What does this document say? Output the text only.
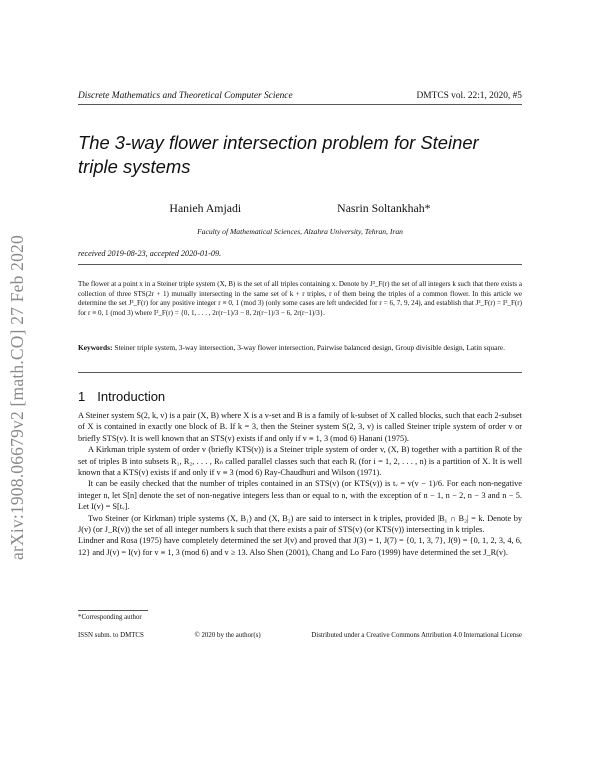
arXiv:1908.06679v2 [math.CO] 27 Feb 2020
Discrete Mathematics and Theoretical Computer Science	DMTCS vol. 22:1, 2020, #5
The 3-way flower intersection problem for Steiner triple systems
Hanieh Amjadi	Nasrin Soltankhah*
Faculty of Mathematical Sciences, Alzahra University, Tehran, Iran
received 2019-08-23, accepted 2020-01-09.
The flower at a point x in a Steiner triple system (X, B) is the set of all triples containing x. Denote by J³_F(r) the set of all integers k such that there exists a collection of three STS(2r + 1) mutually intersecting in the same set of k + r triples, r of them being the triples of a common flower. In this article we determine the set J³_F(r) for any positive integer r ≡ 0, 1 (mod 3) (only some cases are left undecided for r = 6, 7, 9, 24), and establish that J³_F(r) = I³_F(r) for r ≡ 0, 1 (mod 3) where I³_F(r) = {0, 1, . . . , 2r(r−1)/3 − 8, 2r(r−1)/3 − 6, 2r(r−1)/3}.
Keywords: Steiner triple system, 3-way intersection, 3-way flower intersection, Pairwise balanced design, Group divisible design, Latin square.
1 Introduction

A Steiner system S(2, k, v) is a pair (X, B) where X is a v-set and B is a family of k-subset of X called blocks, such that each 2-subset of X is contained in exactly one block of B. If k = 3, then the Steiner system S(2, 3, v) is called Steiner triple system of order v or briefly STS(v). It is well known that an STS(v) exists if and only if v ≡ 1, 3 (mod 6) Hanani (1975).

A Kirkman triple system of order v (briefly KTS(v)) is a Steiner triple system of order v, (X, B) together with a partition R of the set of triples B into subsets R₁, R₂, . . . , Rₙ called parallel classes such that each Rᵢ (for i = 1, 2, . . . , n) is a partition of X. It is well known that a KTS(v) exists if and only if v ≡ 3 (mod 6) Ray-Chaudhuri and Wilson (1971).

It can be easily checked that the number of triples contained in an STS(v) (or KTS(v)) is tᵥ = v(v − 1)/6. For each non-negative integer n, let S[n] denote the set of non-negative integers less than or equal to n, with the exception of n − 1, n − 2, n − 3 and n − 5. Let I(v) = S[tᵥ].

Two Steiner (or Kirkman) triple systems (X, B₁) and (X, B₂) are said to intersect in k triples, provided |B₁ ∩ B₂| = k. Denote by J(v) (or J_R(v)) the set of all integer numbers k such that there exists a pair of STS(v) (or KTS(v)) intersecting in k triples.

Lindner and Rosa (1975) have completely determined the set J(v) and proved that J(3) = 1, J(7) = {0, 1, 3, 7}, J(9) = {0, 1, 2, 3, 4, 6, 12} and J(v) = I(v) for v ≡ 1, 3 (mod 6) and v ≥ 13. Also Shen (2001), Chang and Lo Faro (1999) have determined the set J_R(v).

*Corresponding author
ISSN subm. to DMTCS	© 2020 by the author(s)	Distributed under a Creative Commons Attribution 4.0 International License
